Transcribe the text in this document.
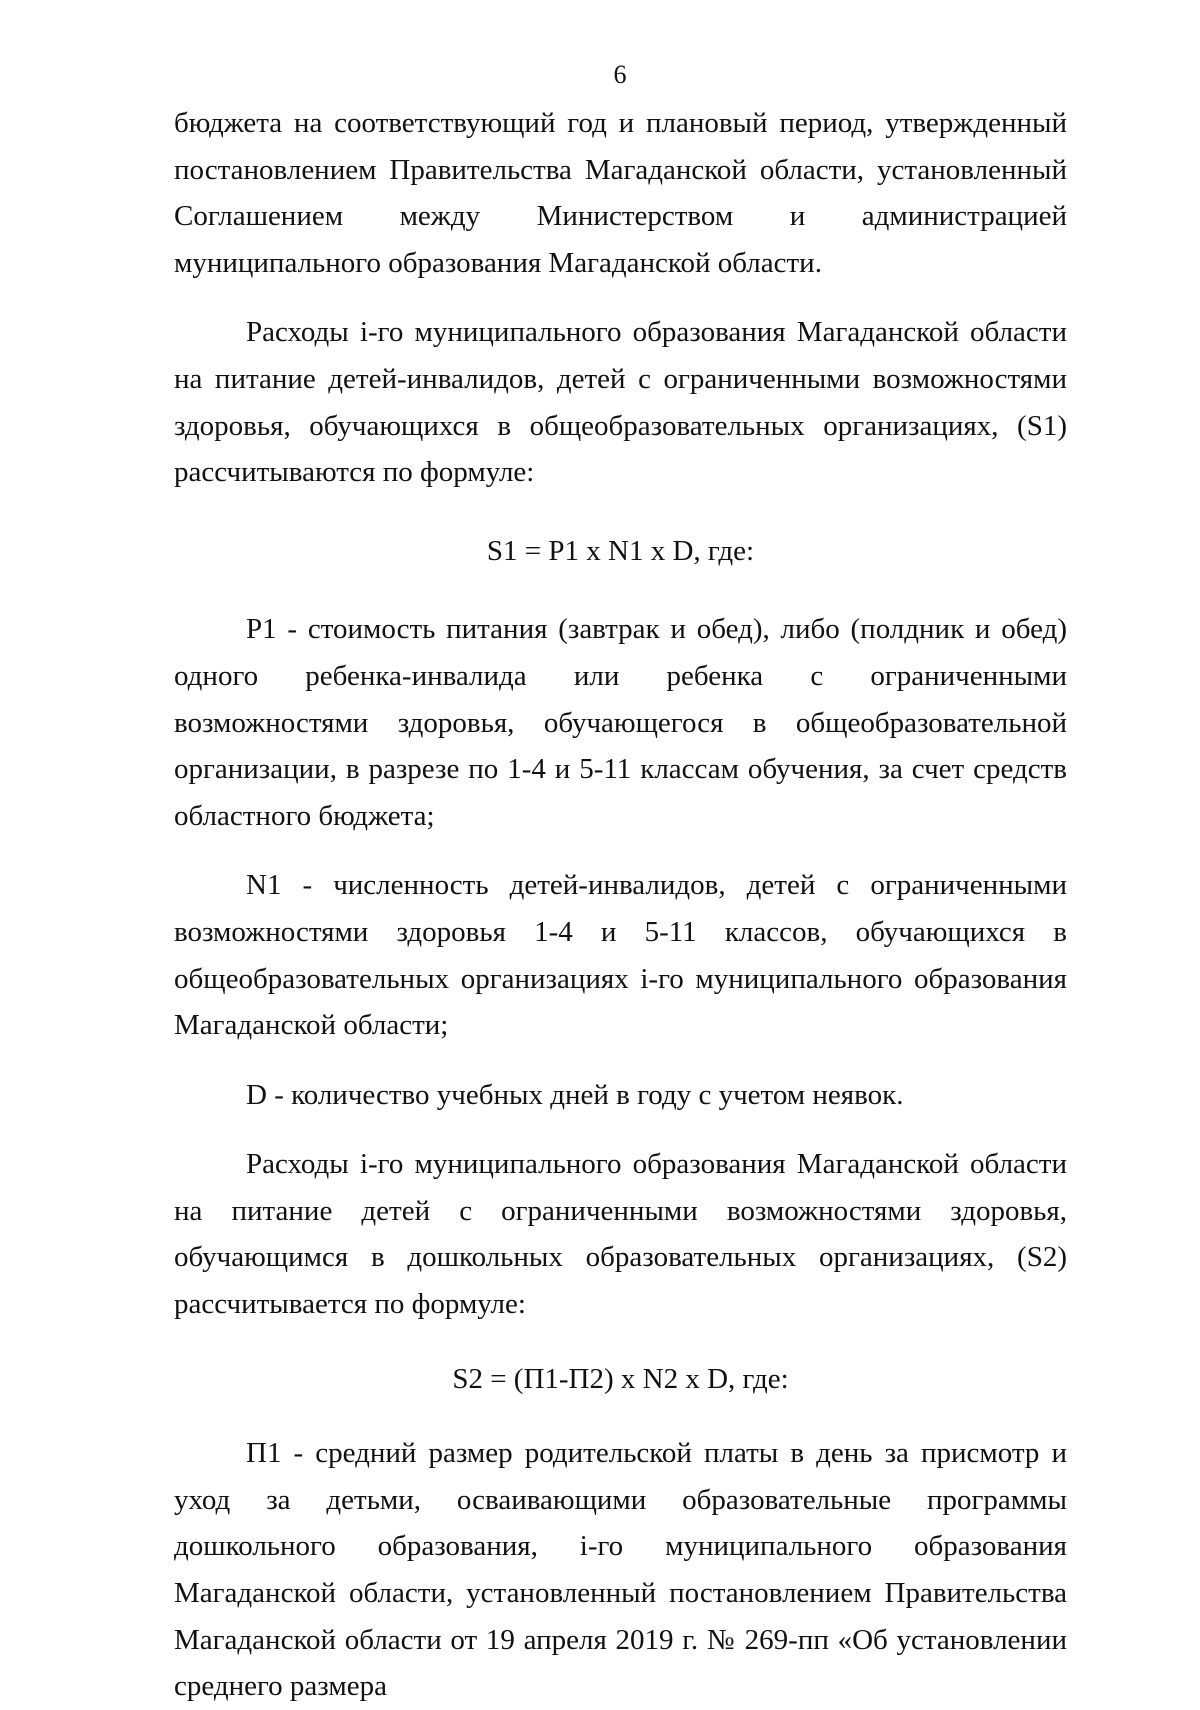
6

бюджета на соответствующий год и плановый период, утвержденный постановлением Правительства Магаданской области, установленный Соглашением между Министерством и администрацией муниципального образования Магаданской области.

Расходы i-го муниципального образования Магаданской области на питание детей-инвалидов, детей с ограниченными возможностями здоровья, обучающихся в общеобразовательных организациях, (S1) рассчитываются по формуле:

S1 = P1 x N1 x D, где:

P1 - стоимость питания (завтрак и обед), либо (полдник и обед) одного ребенка-инвалида или ребенка с ограниченными возможностями здоровья, обучающегося в общеобразовательной организации, в разрезе по 1-4 и 5-11 классам обучения, за счет средств областного бюджета;

N1 - численность детей-инвалидов, детей с ограниченными возможностями здоровья 1-4 и 5-11 классов, обучающихся в общеобразовательных организациях i-го муниципального образования Магаданской области;

D - количество учебных дней в году с учетом неявок.

Расходы i-го муниципального образования Магаданской области на питание детей с ограниченными возможностями здоровья, обучающимся в дошкольных образовательных организациях, (S2) рассчитывается по формуле:

S2 = (П1-П2) x N2 x D, где:

П1 - средний размер родительской платы в день за присмотр и уход за детьми, осваивающими образовательные программы дошкольного образования, i-го муниципального образования Магаданской области, установленный постановлением Правительства Магаданской области от 19 апреля 2019 г. № 269-пп «Об установлении среднего размера
